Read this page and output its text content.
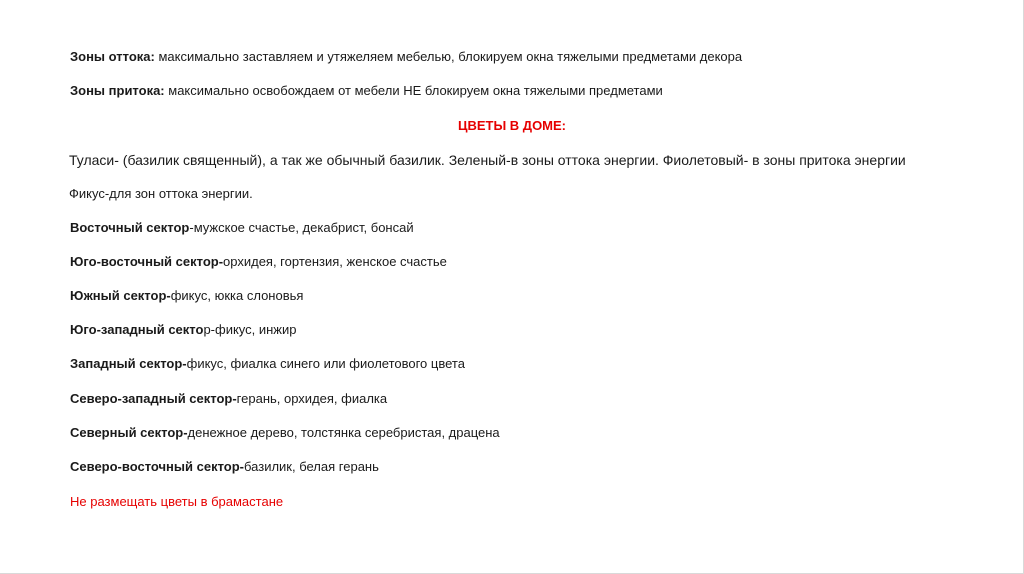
Зоны оттока: максимально заставляем и утяжеляем мебелью, блокируем окна тяжелыми предметами декора
Зоны притока: максимально освобождаем от мебели НЕ блокируем окна тяжелыми предметами
ЦВЕТЫ В ДОМЕ:
Туласи- (базилик священный), а так же обычный базилик. Зеленый-в зоны оттока энергии. Фиолетовый- в зоны притока энергии
Фикус-для зон оттока энергии.
Восточный сектор-мужское счастье, декабрист, бонсай
Юго-восточный сектор-орхидея, гортензия, женское счастье
Южный сектор-фикус, юкка слоновья
Юго-западный сектор-фикус, инжир
Западный сектор-фикус, фиалка синего или фиолетового цвета
Северо-западный сектор-герань, орхидея, фиалка
Северный сектор-денежное дерево, толстянка серебристая, драцена
Северо-восточный сектор-базилик, белая герань
Не размещать цветы в брамастане
